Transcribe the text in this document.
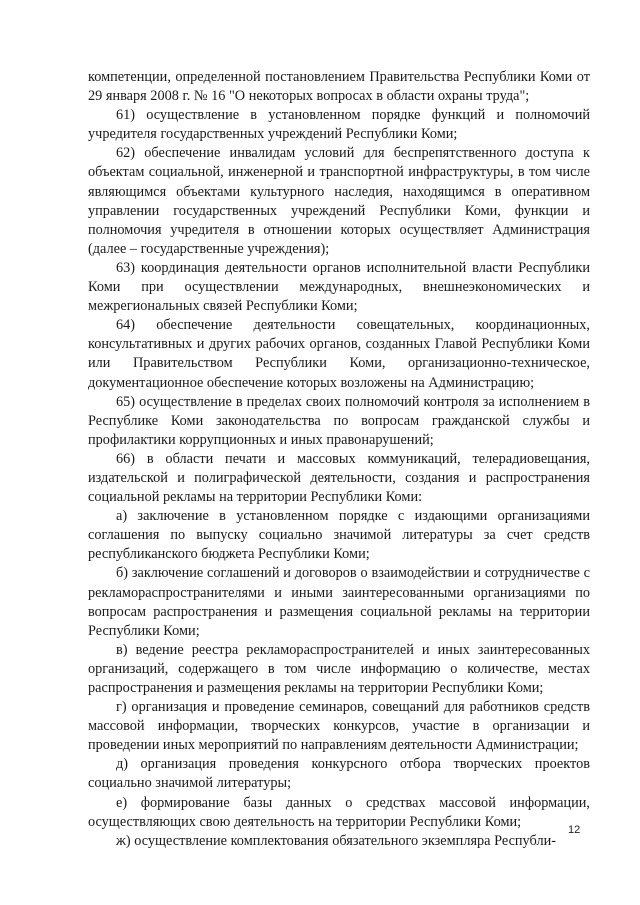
компетенции, определенной постановлением Правительства Республики Коми от 29 января 2008 г. № 16 "О некоторых вопросах в области охраны труда";

61) осуществление в установленном порядке функций и полномочий учредителя государственных учреждений Республики Коми;

62) обеспечение инвалидам условий для беспрепятственного доступа к объектам социальной, инженерной и транспортной инфраструктуры, в том числе являющимся объектами культурного наследия, находящимся в оперативном управлении государственных учреждений Республики Коми, функции и полномочия учредителя в отношении которых осуществляет Администрация (далее – государственные учреждения);

63) координация деятельности органов исполнительной власти Республики Коми при осуществлении международных, внешнеэкономических и межрегиональных связей Республики Коми;

64) обеспечение деятельности совещательных, координационных, консультативных и других рабочих органов, созданных Главой Республики Коми или Правительством Республики Коми, организационно-техническое, документационное обеспечение которых возложены на Администрацию;

65) осуществление в пределах своих полномочий контроля за исполнением в Республике Коми законодательства по вопросам гражданской службы и профилактики коррупционных и иных правонарушений;

66) в области печати и массовых коммуникаций, телерадиовещания, издательской и полиграфической деятельности, создания и распространения социальной рекламы на территории Республики Коми:

а) заключение в установленном порядке с издающими организациями соглашения по выпуску социально значимой литературы за счет средств республиканского бюджета Республики Коми;

б) заключение соглашений и договоров о взаимодействии и сотрудничестве с рекламораспространителями и иными заинтересованными организациями по вопросам распространения и размещения социальной рекламы на территории Республики Коми;

в) ведение реестра рекламораспространителей и иных заинтересованных организаций, содержащего в том числе информацию о количестве, местах распространения и размещения рекламы на территории Республики Коми;

г) организация и проведение семинаров, совещаний для работников средств массовой информации, творческих конкурсов, участие в организации и проведении иных мероприятий по направлениям деятельности Администрации;

д) организация проведения конкурсного отбора творческих проектов социально значимой литературы;

е) формирование базы данных о средствах массовой информации, осуществляющих свою деятельность на территории Республики Коми;

ж) осуществление комплектования обязательного экземпляра Республи-

12
